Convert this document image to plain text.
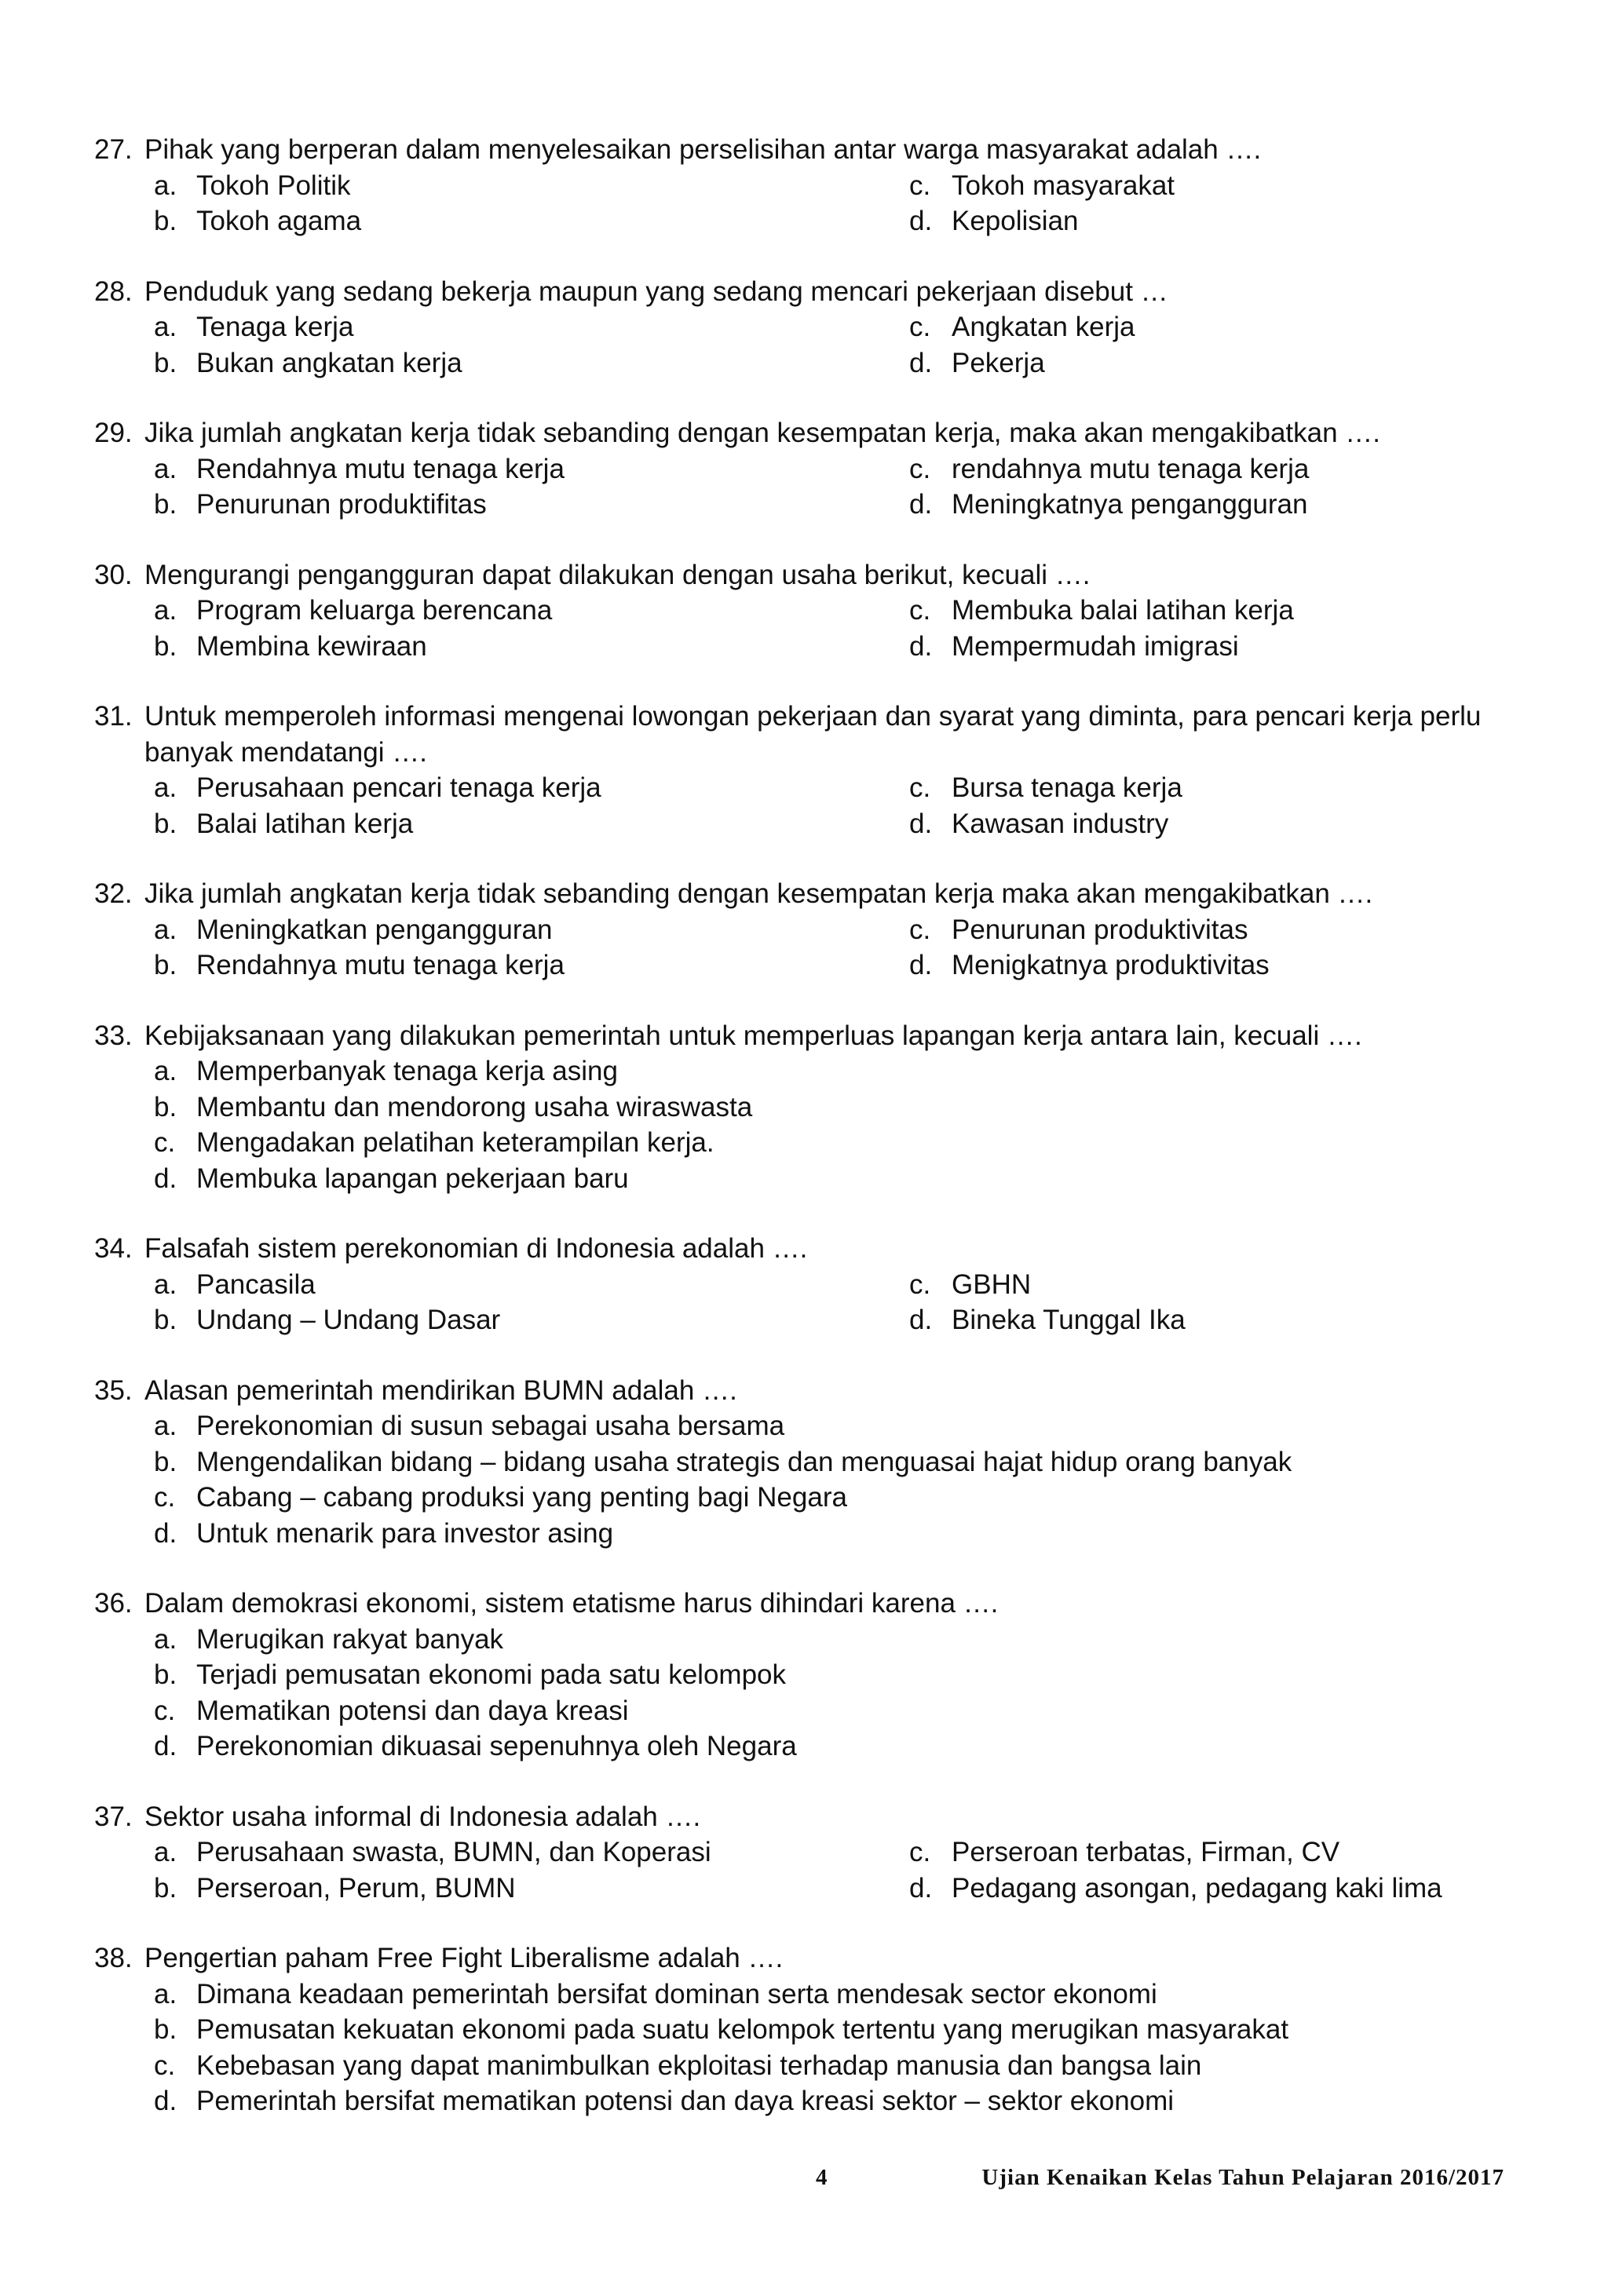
27. Pihak yang berperan dalam menyelesaikan perselisihan antar warga masyarakat adalah ….
a. Tokoh Politik	c. Tokoh masyarakat
b. Tokoh agama	d. Kepolisian
28. Penduduk yang sedang bekerja maupun yang sedang mencari pekerjaan disebut …
a. Tenaga kerja	c. Angkatan kerja
b. Bukan angkatan kerja	d. Pekerja
29. Jika jumlah angkatan kerja tidak sebanding dengan kesempatan kerja, maka akan mengakibatkan ….
a. Rendahnya mutu tenaga kerja	c. rendahnya mutu tenaga kerja
b. Penurunan produktifitas	d. Meningkatnya pengangguran
30. Mengurangi pengangguran dapat dilakukan dengan usaha berikut, kecuali ….
a. Program keluarga berencana	c. Membuka balai latihan kerja
b. Membina kewiraan	d. Mempermudah imigrasi
31. Untuk memperoleh informasi mengenai lowongan pekerjaan dan syarat yang diminta, para pencari kerja perlu banyak mendatangi ….
a. Perusahaan pencari tenaga kerja	c. Bursa tenaga kerja
b. Balai latihan kerja	d. Kawasan industry
32. Jika jumlah angkatan kerja tidak sebanding dengan kesempatan kerja maka akan mengakibatkan ….
a. Meningkatkan pengangguran	c. Penurunan produktivitas
b. Rendahnya mutu tenaga kerja	d. Menigkatnya produktivitas
33. Kebijaksanaan yang dilakukan pemerintah untuk memperluas lapangan kerja antara lain, kecuali ….
a. Memperbanyak tenaga kerja asing
b. Membantu dan mendorong usaha wiraswasta
c. Mengadakan pelatihan keterampilan kerja.
d. Membuka lapangan pekerjaan baru
34. Falsafah sistem perekonomian di Indonesia adalah ….
a. Pancasila	c. GBHN
b. Undang – Undang Dasar	d. Bineka Tunggal Ika
35. Alasan pemerintah mendirikan BUMN adalah ….
a. Perekonomian di susun sebagai usaha bersama
b. Mengendalikan bidang – bidang usaha strategis dan menguasai hajat hidup orang banyak
c. Cabang – cabang produksi yang penting bagi Negara
d. Untuk menarik para investor asing
36. Dalam demokrasi ekonomi, sistem etatisme harus dihindari karena ….
a. Merugikan rakyat banyak
b. Terjadi pemusatan ekonomi pada satu kelompok
c. Mematikan potensi dan daya kreasi
d. Perekonomian dikuasai sepenuhnya oleh Negara
37. Sektor usaha informal di Indonesia adalah ….
a. Perusahaan swasta, BUMN, dan Koperasi	c. Perseroan terbatas, Firman, CV
b. Perseroan, Perum, BUMN	d. Pedagang asongan, pedagang kaki lima
38. Pengertian paham Free Fight Liberalisme adalah ….
a. Dimana keadaan pemerintah bersifat dominan serta mendesak sector ekonomi
b. Pemusatan kekuatan ekonomi pada suatu kelompok tertentu yang merugikan masyarakat
c. Kebebasan yang dapat manimbulkan ekploitasi terhadap manusia dan bangsa lain
d. Pemerintah bersifat mematikan potensi dan daya kreasi sektor – sektor ekonomi
4	Ujian Kenaikan Kelas Tahun Pelajaran 2016/2017
